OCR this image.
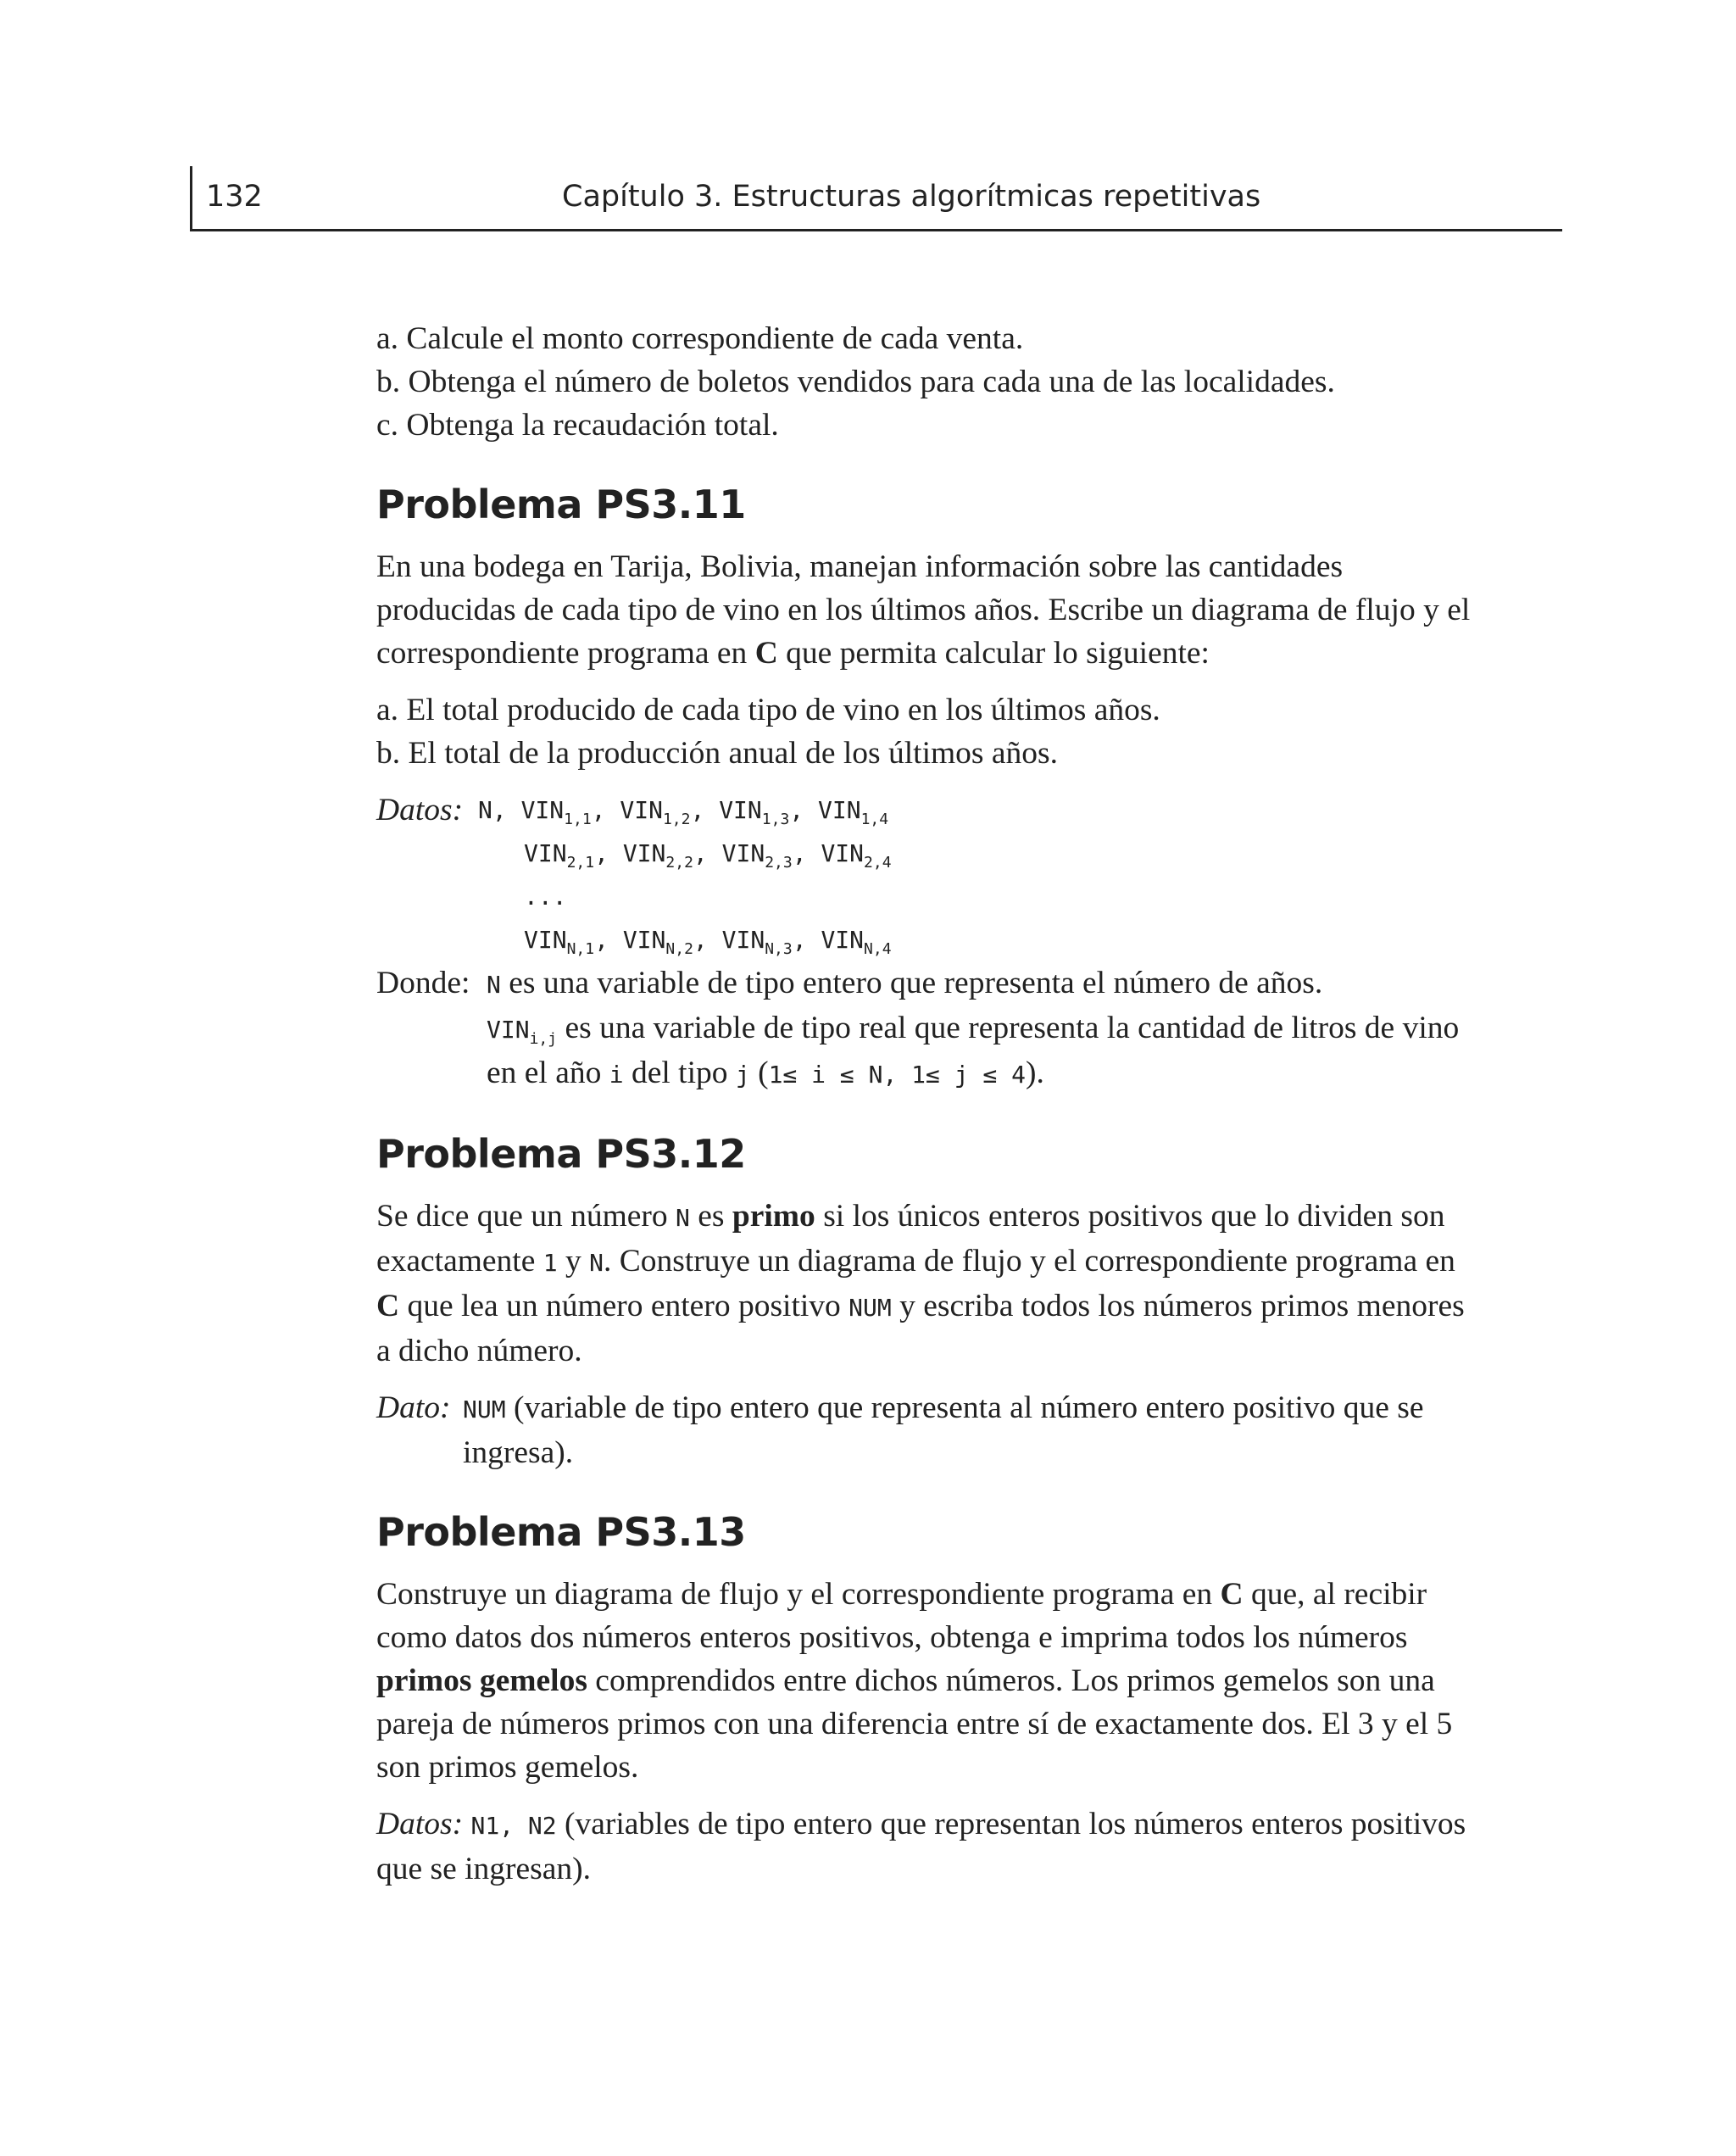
132	Capítulo 3. Estructuras algorítmicas repetitivas

a. Calcule el monto correspondiente de cada venta.

b. Obtenga el número de boletos vendidos para cada una de las localidades.

c. Obtenga la recaudación total.

Problema PS3.11

En una bodega en Tarija, Bolivia, manejan información sobre las cantidades producidas de cada tipo de vino en los últimos años. Escribe un diagrama de flujo y el correspondiente programa en C que permita calcular lo siguiente:

a. El total producido de cada tipo de vino en los últimos años.

b. El total de la producción anual de los últimos años.

Datos: N, $VIN_{1,1}$, $VIN_{1,2}$, $VIN_{1,3}$, $VIN_{1,4}$
$VIN_{2,1}$, $VIN_{2,2}$, $VIN_{2,3}$, $VIN_{2,4}$
...
$VIN_{N,1}$, $VIN_{N,2}$, $VIN_{N,3}$, $VIN_{N,4}$
Donde: N es una variable de tipo entero que representa el número de años.

$VIN_{i,j}$ es una variable de tipo real que representa la cantidad de litros de vino en el año i del tipo j (1≤ i ≤ N, 1≤ j ≤ 4).

Problema PS3.12

Se dice que un número N es primo si los únicos enteros positivos que lo dividen son exactamente 1 y N. Construye un diagrama de flujo y el correspondiente programa en C que lea un número entero positivo NUM y escriba todos los números primos menores a dicho número.

Dato: NUM (variable de tipo entero que representa al número entero positivo que se ingresa).

Problema PS3.13

Construye un diagrama de flujo y el correspondiente programa en C que, al recibir como datos dos números enteros positivos, obtenga e imprima todos los números primos gemelos comprendidos entre dichos números. Los primos gemelos son una pareja de números primos con una diferencia entre sí de exactamente dos. El 3 y el 5 son primos gemelos.

Datos: N1, N2 (variables de tipo entero que representan los números enteros positivos que se ingresan).
